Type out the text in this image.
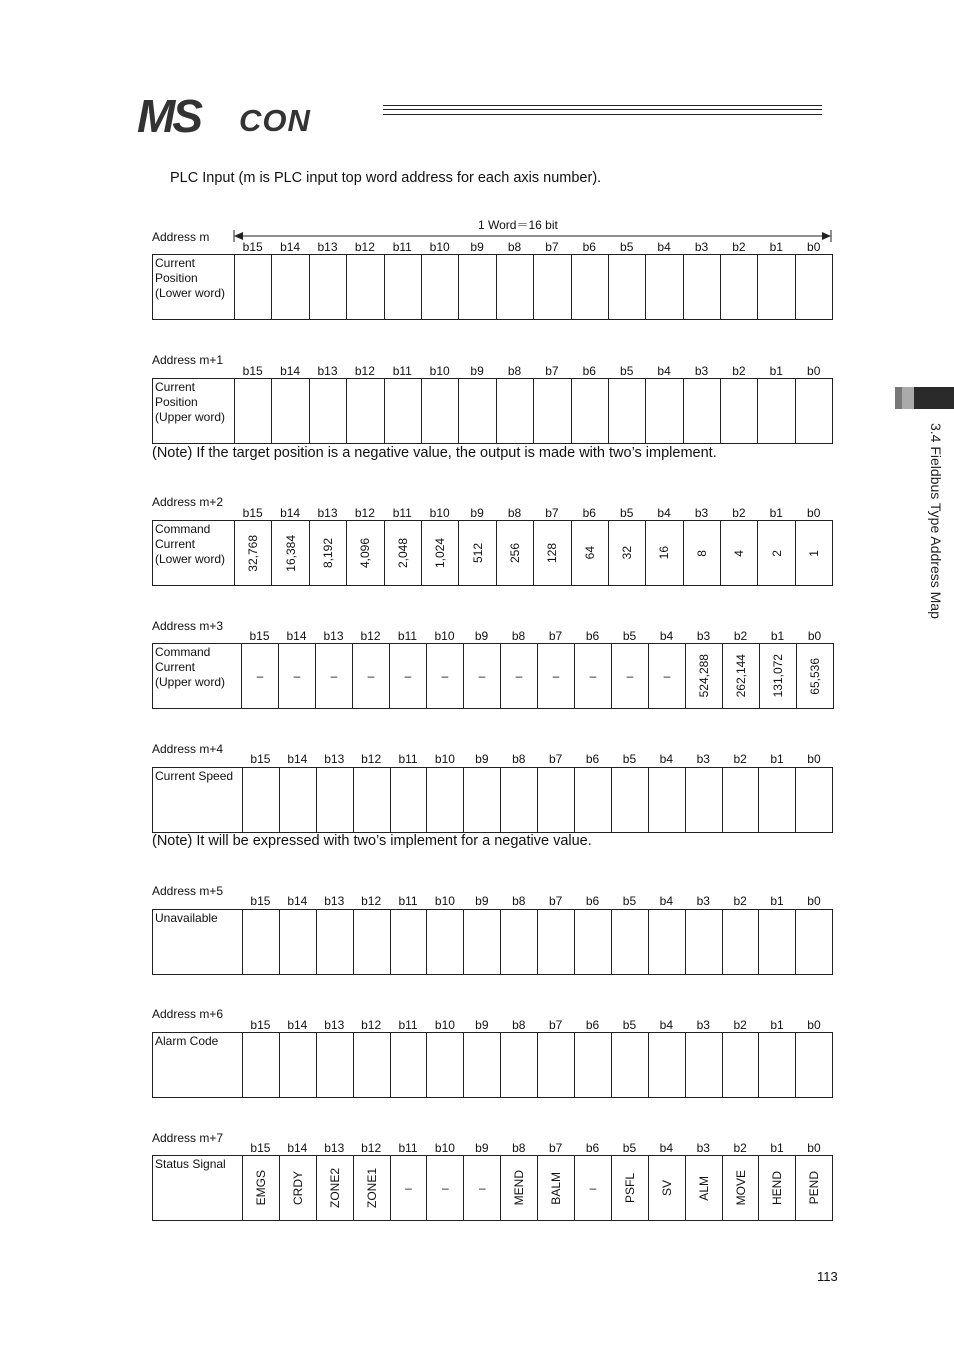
MS CON
3.4 Fieldbus Type Address Map
PLC Input (m is PLC input top word address for each axis number).
1 Word＝16 bit
Address m
b15	b14	b13	b12	b11	b10	b9	b8	b7	b6	b5	b4	b3	b2	b1	b0
Current
Position
(Lower word)																
Address m+1
b15	b14	b13	b12	b11	b10	b9	b8	b7	b6	b5	b4	b3	b2	b1	b0
Current
Position
(Upper word)																
Address m+2
b15	b14	b13	b12	b11	b10	b9	b8	b7	b6	b5	b4	b3	b2	b1	b0
Command
Current
(Lower word)	32,768	16,384	8,192	4,096	2,048	1,024	512	256	128	64	32	16	8	4	2	1
Address m+3
b15	b14	b13	b12	b11	b10	b9	b8	b7	b6	b5	b4	b3	b2	b1	b0
Command
Current
(Upper word)	–	–	–	–	–	–	–	–	–	–	–	–	524,288	262,144	131,072	65,536
Address m+4
b15	b14	b13	b12	b11	b10	b9	b8	b7	b6	b5	b4	b3	b2	b1	b0
Current Speed																
Address m+5
b15	b14	b13	b12	b11	b10	b9	b8	b7	b6	b5	b4	b3	b2	b1	b0
Unavailable																
Address m+6
b15	b14	b13	b12	b11	b10	b9	b8	b7	b6	b5	b4	b3	b2	b1	b0
Alarm Code																
Address m+7
b15	b14	b13	b12	b11	b10	b9	b8	b7	b6	b5	b4	b3	b2	b1	b0
Status Signal	
EMGS	CRDY	ZONE2	ZONE1	–	–	–	MEND	BALM	–	PSFL	SV	ALM	MOVE	HEND	PEND
(Note) If the target position is a negative value, the output is made with two’s implement.
(Note) It will be expressed with two’s implement for a negative value.
113
